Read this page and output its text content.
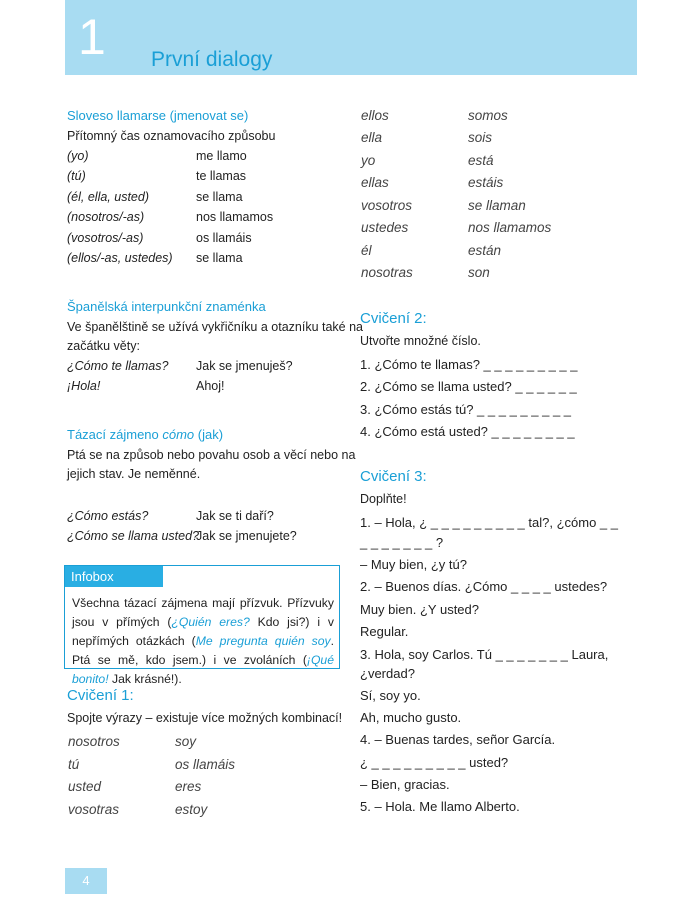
1 První dialogy
Sloveso llamarse (jmenovat se)
Přítomný čas oznamovacího způsobu
(yo)	me llamo
(tú)	te llamas
(él, ella, usted)	se llama
(nosotros/-as)	nos llamamos
(vosotros/-as)	os llamáis
(ellos/-as, ustedes) se llama
Španělská interpunkční znaménka
Ve španělštině se užívá vykřičníku a otazníku také na
začátku věty:
¿Cómo te llamas? Jak se jmenuješ?
¡Hola!	Ahoj!
Tázací zájmeno cómo (jak)
Ptá se na způsob nebo povahu osob a věcí nebo na
jejich stav. Je neměnné.
¿Cómo estás?	Jak se ti daří?
¿Cómo se llama usted?
Jak se jmenujete?
Infobox
Všechna tázací zájmena mají přízvuk. Přízvuky jsou v přímých (¿Quién eres? Kdo jsi?) i v nepřímých otázkách (Me pregunta quién soy. Ptá se mě, kdo jsem.) i ve zvoláních (¡Qué bonito! Jak krásné!).
Cvičení 1:
Spojte výrazy – existuje více možných kombinací!
nosotros	soy
tú	os llamáis
usted	eres
vosotras	estoy
ellos	somos
ella	sois
yo	está
ellas	estáis
vosotros	se llaman
ustedes	nos llamamos
él	están
nosotras	son
Cvičení 2:
Utvořte množné číslo.
1. ¿Cómo te llamas? _ _ _ _ _ _ _ _ _
2. ¿Cómo se llama usted? _ _ _ _ _ _
3. ¿Cómo estás tú? _ _ _ _ _ _ _ _ _
4. ¿Cómo está usted? _ _ _ _ _ _ _ _
Cvičení 3:
Doplňte!
1. – Hola, ¿ _ _ _ _ _ _ _ _ _ tal?, ¿cómo _ _
_ _ _ _ _ _ _ ?
– Muy bien, ¿y tú?
2. – Buenos días. ¿Cómo _ _ _ _ ustedes?
Muy bien. ¿Y usted?
Regular.
3. Hola, soy Carlos. Tú _ _ _ _ _ _ _ Laura,
¿verdad?
Sí, soy yo.
Ah, mucho gusto.
4. – Buenas tardes, señor García.
¿ _ _ _ _ _ _ _ _ _ usted?
– Bien, gracias.
5. – Hola. Me llamo Alberto.
4
